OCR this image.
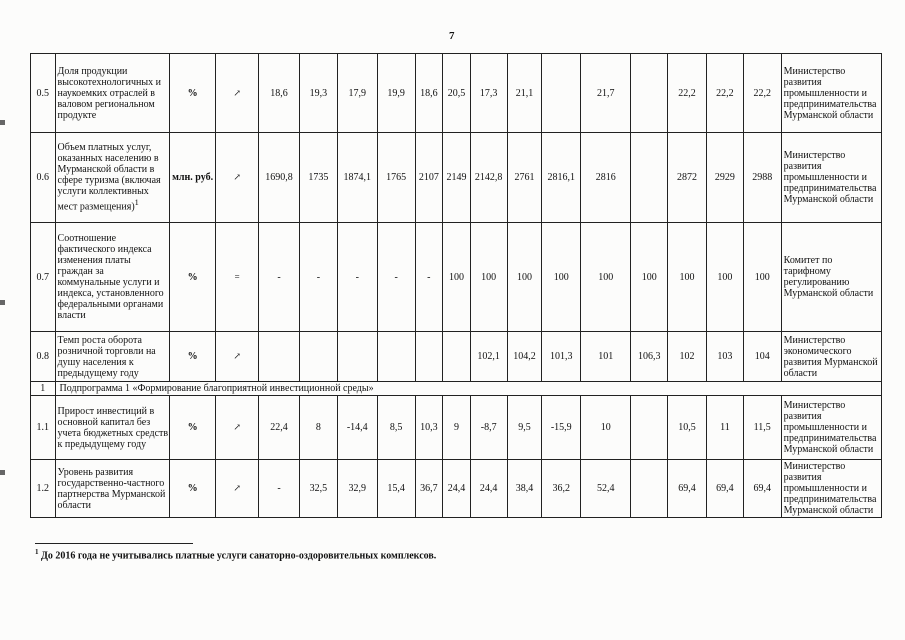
7
0.5	Доля продукции высокотехнологичных и наукоемких отраслей в валовом региональном продукте	%	↗	18,6	19,3	17,9	19,9	18,6	20,5	17,3	21,1		21,7		22,2	22,2	22,2	Министерство развития промышленности и предпринимательства Мурманской области
0.6	Объем платных услуг, оказанных населению в Мурманской области в сфере туризма (включая услуги коллективных мест размещения)$^1$	млн. руб.	↗	1690,8	1735	1874,1	1765	2107	2149	2142,8	2761	2816,1	2816		2872	2929	2988	Министерство развития промышленности и предпринимательства Мурманской области
0.7	Соотношение фактического индекса изменения платы граждан за коммунальные услуги и индекса, установленного федеральными органами власти	%	=	-	-	-	-	-	100	100	100	100	100	100	100	100	100	Комитет по тарифному регулированию Мурманской области
0.8	Темп роста оборота розничной торговли на душу населения к предыдущему году	%	↗							102,1	104,2	101,3	101	106,3	102	103	104	Министерство экономического развития Мурманской области
1	Подпрограмма 1 «Формирование благоприятной инвестиционной среды»																	
1.1	Прирост инвестиций в основной капитал без учета бюджетных средств к предыдущему году	%	↗	22,4	8	-14,4	8,5	10,3	9	-8,7	9,5	-15,9	10		10,5	11	11,5	Министерство развития промышленности и предпринимательства Мурманской области
1.2	Уровень развития государственно-частного партнерства Мурманской области	%	↗	-	32,5	32,9	15,4	36,7	24,4	24,4	38,4	36,2	52,4		69,4	69,4	69,4	Министерство развития промышленности и предпринимательства Мурманской области
$^1$ До 2016 года не учитывались платные услуги санаторно-оздоровительных комплексов.
